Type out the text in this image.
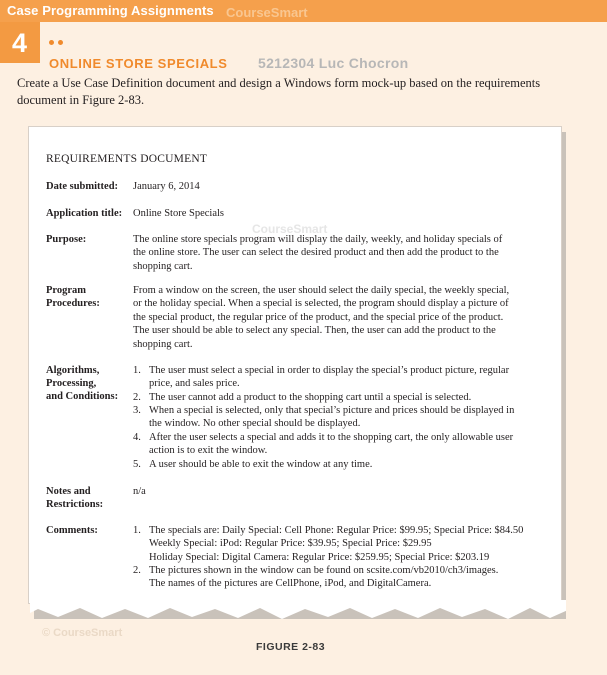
Case Programming Assignments CourseSmart
4
ONLINE STORE SPECIALS 5212304 Luc Chocron
Create a Use Case Definition document and design a Windows form mock-up based on the requirements
document in Figure 2-83.
CourseSmart
REQUIREMENTS DOCUMENT
Date submitted: January 6, 2014
Application title: Online Store Specials
Purpose:	The online store specials program will display the daily, weekly, and holiday specials of
the online store. The user can select the desired product and then add the product to the
shopping cart.
Program
Procedures:
From a window on the screen, the user should select the daily special, the weekly special,
or the holiday special. When a special is selected, the program should display a picture of
the special product, the regular price of the product, and the special price of the product.
The user should be able to select any special. Then, the user can add the product to the
shopping cart.
Algorithms,
Processing,
and Conditions:
1. The user must select a special in order to display the special’s product picture, regular
price, and sales price.
2. The user cannot add a product to the shopping cart until a special is selected.
3. When a special is selected, only that special’s picture and prices should be displayed in
the window. No other special should be displayed.
4. After the user selects a special and adds it to the shopping cart, the only allowable user
action is to exit the window.
5. A user should be able to exit the window at any time.
Notes and
Restrictions:
n/a
Comments:	1. The specials are: Daily Special: Cell Phone: Regular Price: $99.95; Special Price: $84.50
Weekly Special: iPod: Regular Price: $39.95; Special Price: $29.95
Holiday Special: Digital Camera: Regular Price: $259.95; Special Price: $203.19
2. The pictures shown in the window can be found on scsite.com/vb2010/ch3/images.
The names of the pictures are CellPhone, iPod, and DigitalCamera.
© CourseSmart
FIGURE 2-83
